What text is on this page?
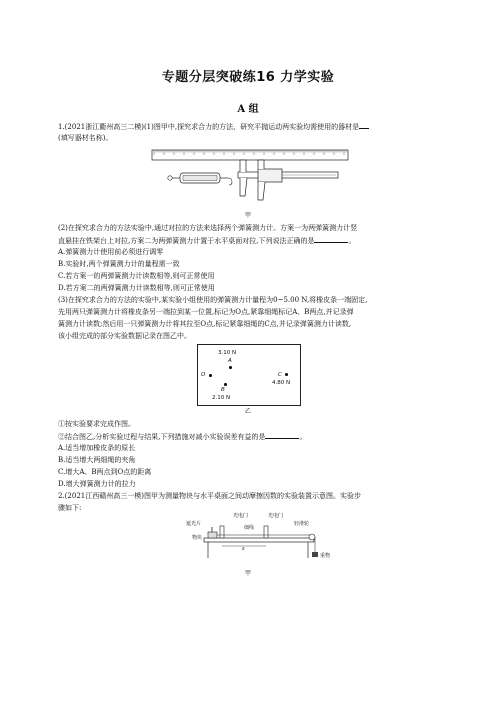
专题分层突破练16 力学实验
A 组
1.(2021浙江衢州高三二模)(1)图甲中,探究求合力的方法、研究平抛运动两实验均需使用的器材是
(填写器材名称)。
甲
(2)在探究求合力的方法实验中,通过对拉的方法来选择两个弹簧测力计。方案一为两弹簧测力计竖
直悬挂在铁架台上对拉,方案二为两弹簧测力计置于水平桌面对拉,下列说法正确的是	。
A.弹簧测力计使用前必须进行调零
B.实验时,两个弹簧测力计的量程需一致
C.若方案一的两弹簧测力计读数相等,则可正常使用
D.若方案二的两弹簧测力计读数相等,则可正常使用
(3)在探究求合力的方法的实验中,某实验小组使用的弹簧测力计量程为0~5.00 N,将橡皮条一端固定,
先用两只弹簧测力计将橡皮条另一端拉到某一位置,标记为O点,紧靠细绳标记A、B两点,并记录弹
簧测力计读数;然后用一只弹簧测力计将其拉至O点,标记紧靠细绳的C点,并记录弹簧测力计读数,
该小组完成的部分实验数据记录在图乙中。
3.10 N
A
O	C
4.80 N
B
2.10 N
乙
①按实验要求完成作图。
②结合图乙,分析实验过程与结果,下列措施对减小实验误差有益的是	。
A.适当增加橡皮条的原长
B.适当增大两细绳的夹角
C.增大A、B两点到O点的距离
D.增大弹簧测力计的拉力
2.(2021江西赣州高三一模)图甲为测量物块与水平桌面之间动摩擦因数的实验装置示意图。实验步
骤如下:
光电门	光电门
遮光片
细线
轻滑轮
物块
重物
s
甲
